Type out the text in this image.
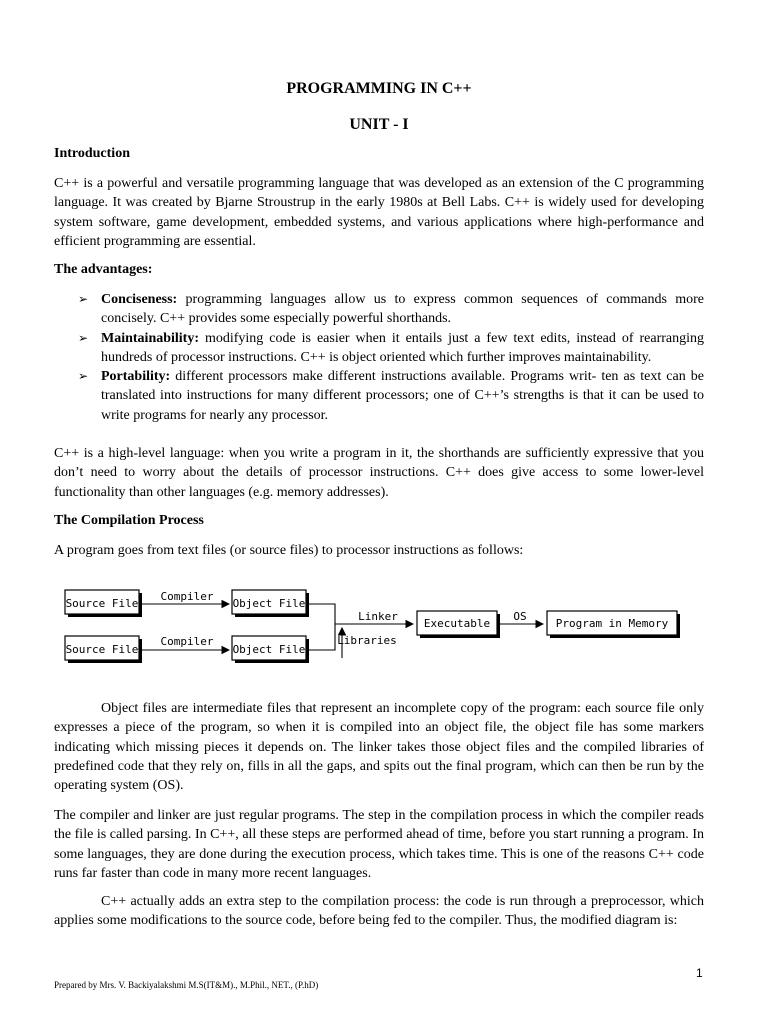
PROGRAMMING IN C++
UNIT - I
Introduction
C++ is a powerful and versatile programming language that was developed as an extension of the C programming language. It was created by Bjarne Stroustrup in the early 1980s at Bell Labs. C++ is widely used for developing system software, game development, embedded systems, and various applications where high-performance and efficient programming are essential.
The advantages:
➢ Conciseness: programming languages allow us to express common sequences of commands more concisely. C++ provides some especially powerful shorthands.
➢ Maintainability: modifying code is easier when it entails just a few text edits, instead of rearranging hundreds of processor instructions. C++ is object oriented which further improves maintainability.
➢ Portability: different processors make different instructions available. Programs writ- ten as text can be translated into instructions for many different processors; one of C++’s strengths is that it can be used to write programs for nearly any processor.
C++ is a high-level language: when you write a program in it, the shorthands are sufficiently expressive that you don’t need to worry about the details of processor instructions. C++ does give access to some lower-level functionality than other languages (e.g. memory addresses).
The Compilation Process
A program goes from text files (or source files) to processor instructions as follows:
Source File
Source File
Object File
Object File
Executable	Program in Memory
Compiler
Compiler
Linker
Libraries
OS
Object files are intermediate files that represent an incomplete copy of the program: each source file only expresses a piece of the program, so when it is compiled into an object file, the object file has some markers indicating which missing pieces it depends on. The linker takes those object files and the compiled libraries of predefined code that they rely on, fills in all the gaps, and spits out the final program, which can then be run by the operating system (OS).
The compiler and linker are just regular programs. The step in the compilation process in which the compiler reads the file is called parsing. In C++, all these steps are performed ahead of time, before you start running a program. In some languages, they are done during the execution process, which takes time. This is one of the reasons C++ code runs far faster than code in many more recent languages.
C++ actually adds an extra step to the compilation process: the code is run through a preprocessor, which applies some modifications to the source code, before being fed to the compiler. Thus, the modified diagram is:
1
Prepared by Mrs. V. Backiyalakshmi M.S(IT&M)., M.Phil., NET., (P.hD)
